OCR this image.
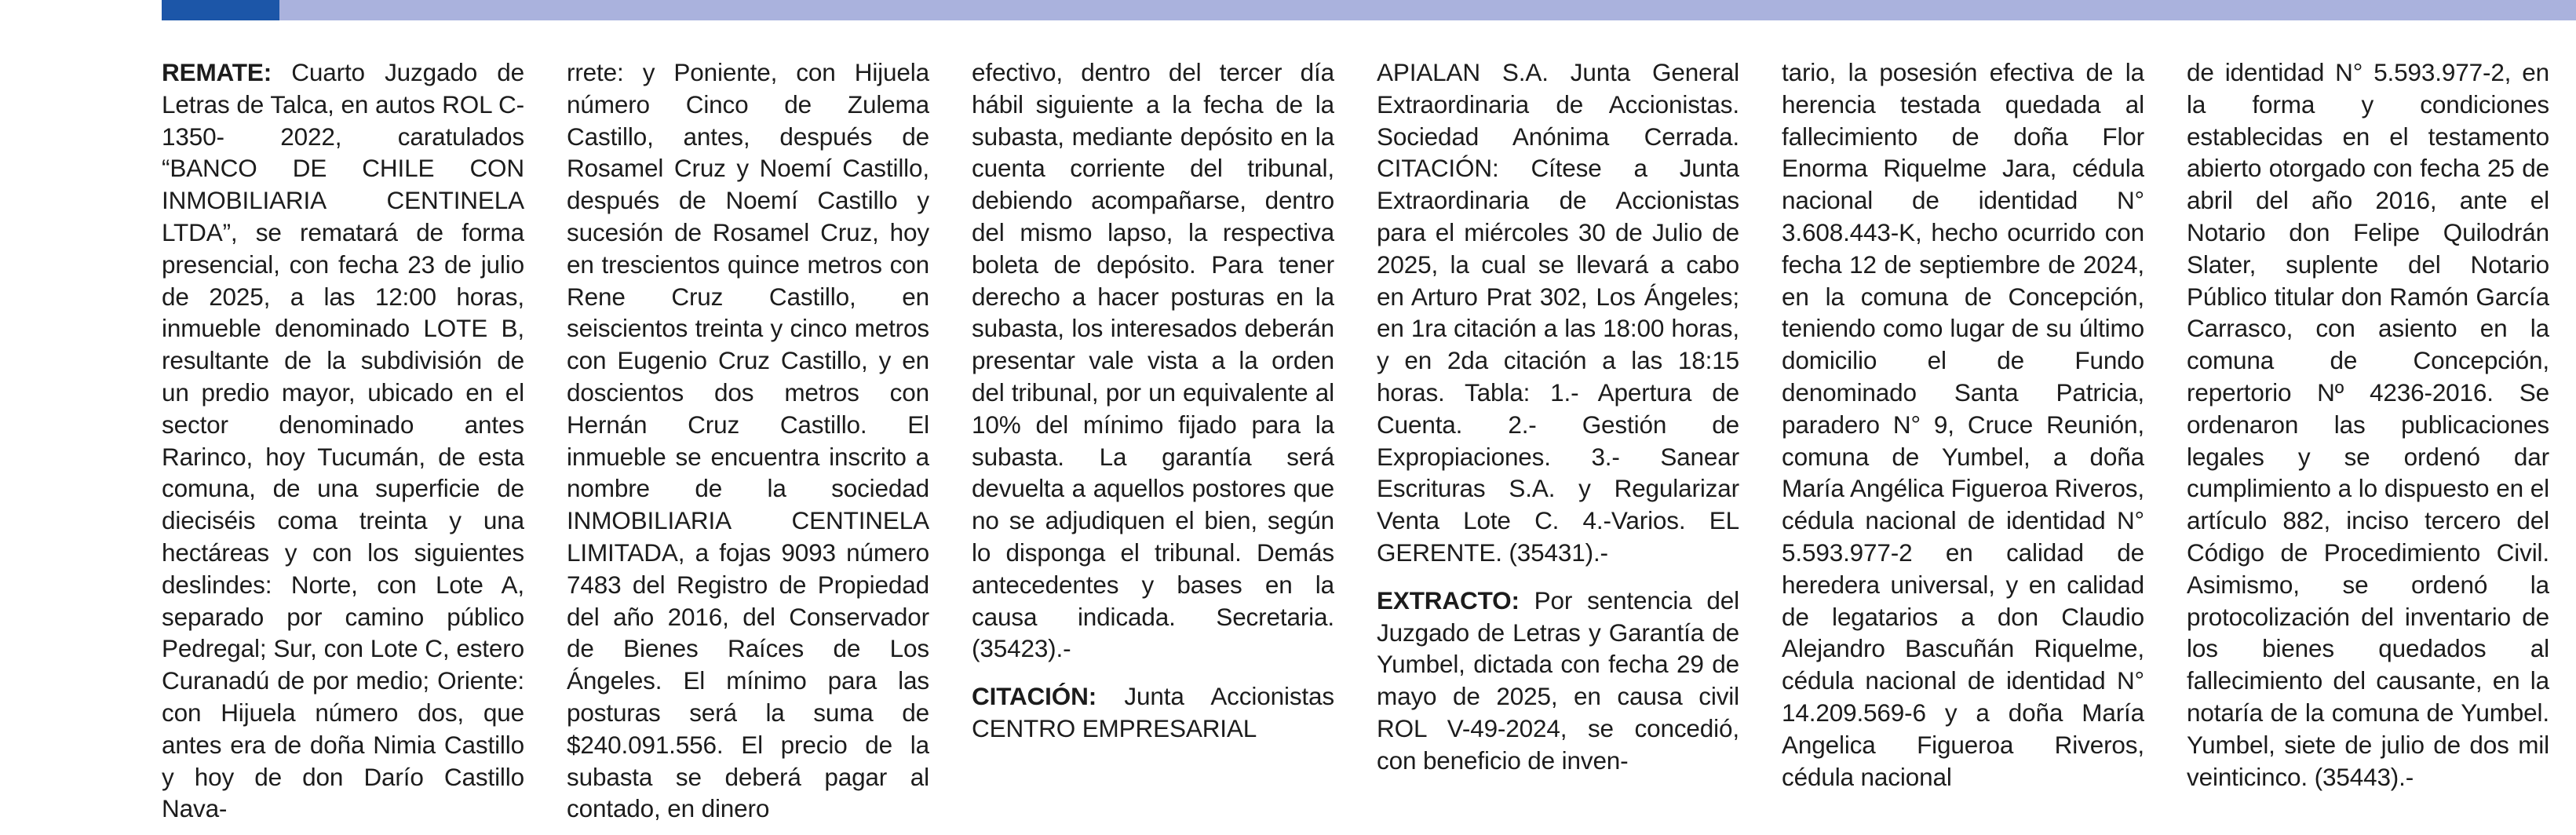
REMATE: Cuarto Juzgado de Letras de Talca, en autos ROL C-1350- 2022, caratulados “BANCO DE CHILE CON INMOBILIARIA CENTINELA LTDA”, se rematará de forma presencial, con fecha 23 de julio de 2025, a las 12:00 horas, inmueble denominado LOTE B, resultante de la subdivisión de un predio mayor, ubicado en el sector denominado antes Rarinco, hoy Tucumán, de esta comuna, de una superficie de dieciséis coma treinta y una hectáreas y con los siguientes deslindes: Norte, con Lote A, separado por camino público Pedregal; Sur, con Lote C, estero Curanadú de por medio; Oriente: con Hijuela número dos, que antes era de doña Nimia Castillo y hoy de don Darío Castillo Nava-

rrete: y Poniente, con Hijuela número Cinco de Zulema Castillo, antes, después de Rosamel Cruz y Noemí Castillo, después de Noemí Castillo y sucesión de Rosamel Cruz, hoy en trescientos quince metros con Rene Cruz Castillo, en seiscientos treinta y cinco metros con Eugenio Cruz Castillo, y en doscientos dos metros con Hernán Cruz Castillo. El inmueble se encuentra inscrito a nombre de la sociedad INMOBILIARIA CENTINELA LIMITADA, a fojas 9093 número 7483 del Registro de Propiedad del año 2016, del Conservador de Bienes Raíces de Los Ángeles. El mínimo para las posturas será la suma de $240.091.556. El precio de la subasta se deberá pagar al contado, en dinero

efectivo, dentro del tercer día hábil siguiente a la fecha de la subasta, mediante depósito en la cuenta corriente del tribunal, debiendo acompañarse, dentro del mismo lapso, la respectiva boleta de depósito. Para tener derecho a hacer posturas en la subasta, los interesados deberán presentar vale vista a la orden del tribunal, por un equivalente al 10% del mínimo fijado para la subasta. La garantía será devuelta a aquellos postores que no se adjudiquen el bien, según lo disponga el tribunal. Demás antecedentes y bases en la causa indicada. Secretaria. (35423).-

CITACIÓN: Junta Accionistas CENTRO EMPRESARIAL

APIALAN S.A. Junta General Extraordinaria de Accionistas. Sociedad Anónima Cerrada. CITACIÓN: Cítese a Junta Extraordinaria de Accionistas para el miércoles 30 de Julio de 2025, la cual se llevará a cabo en Arturo Prat 302, Los Ángeles; en 1ra citación a las 18:00 horas, y en 2da citación a las 18:15 horas. Tabla: 1.- Apertura de Cuenta. 2.- Gestión de Expropiaciones. 3.- Sanear Escrituras S.A. y Regularizar Venta Lote C. 4.-Varios. EL GERENTE. (35431).-

EXTRACTO: Por sentencia del Juzgado de Letras y Garantía de Yumbel, dictada con fecha 29 de mayo de 2025, en causa civil ROL V-49-2024, se concedió, con beneficio de inven-

tario, la posesión efectiva de la herencia testada quedada al fallecimiento de doña Flor Enorma Riquelme Jara, cédula nacional de identidad N° 3.608.443-K, hecho ocurrido con fecha 12 de septiembre de 2024, en la comuna de Concepción, teniendo como lugar de su último domicilio el de Fundo denominado Santa Patricia, paradero N° 9, Cruce Reunión, comuna de Yumbel, a doña María Angélica Figueroa Riveros, cédula nacional de identidad N° 5.593.977-2 en calidad de heredera universal, y en calidad de legatarios a don Claudio Alejandro Bascuñán Riquelme, cédula nacional de identidad N° 14.209.569-6 y a doña María Angelica Figueroa Riveros, cédula nacional

de identidad N° 5.593.977-2, en la forma y condiciones establecidas en el testamento abierto otorgado con fecha 25 de abril del año 2016, ante el Notario don Felipe Quilodrán Slater, suplente del Notario Público titular don Ramón García Carrasco, con asiento en la comuna de Concepción, repertorio Nº 4236-2016. Se ordenaron las publicaciones legales y se ordenó dar cumplimiento a lo dispuesto en el artículo 882, inciso tercero del Código de Procedimiento Civil. Asimismo, se ordenó la protocolización del inventario de los bienes quedados al fallecimiento del causante, en la notaría de la comuna de Yumbel. Yumbel, siete de julio de dos mil veinticinco. (35443).-
